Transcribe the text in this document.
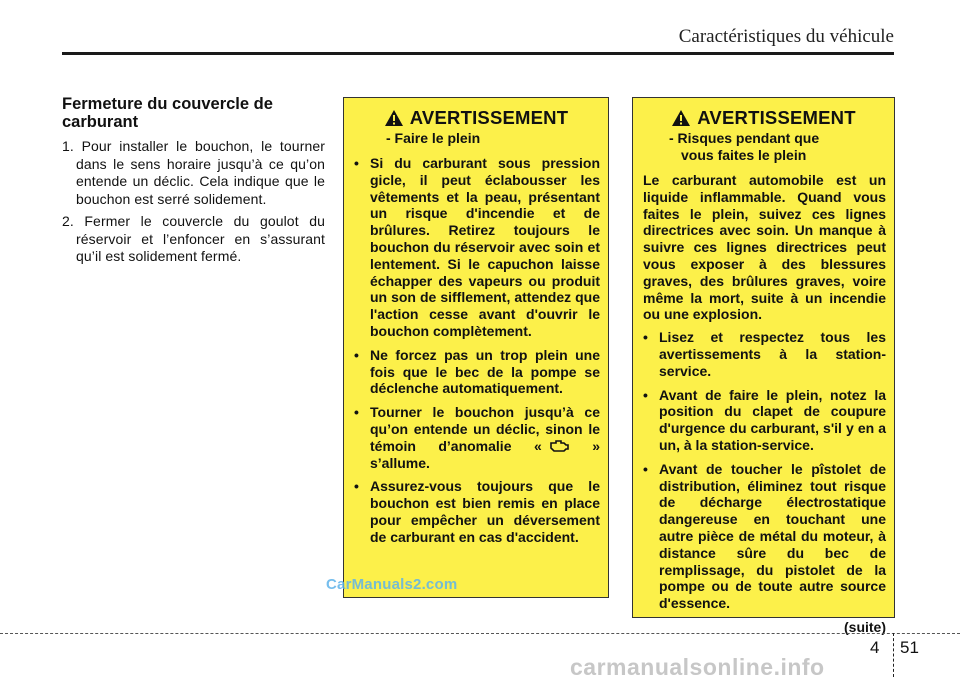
Caractéristiques du véhicule
Fermeture du couvercle de carburant
1. Pour installer le bouchon, le tourner dans le sens horaire jusqu’à ce qu’on entende un déclic. Cela indique que le bouchon est serré solidement.
2. Fermer le couvercle du goulot du réservoir et l’enfoncer en s’assurant qu’il est solidement fermé.
AVERTISSEMENT
- Faire le plein

• Si du carburant sous pression gicle, il peut éclabousser les vêtements et la peau, présentant un risque d'incendie et de brûlures. Retirez toujours le bouchon du réservoir avec soin et lentement. Si le capuchon laisse échapper des vapeurs ou produit un son de sifflement, attendez que l'action cesse avant d'ouvrir le bouchon complètement.

• Ne forcez pas un trop plein une fois que le bec de la pompe se déclenche automatiquement.

• Tourner le bouchon jusqu’à ce qu’on entende un déclic, sinon le témoin d’anomalie «	» s’allume.

• Assurez-vous toujours que le bouchon est bien remis en place pour empêcher un déversement de carburant en cas d'accident.

AVERTISSEMENT
- Risques pendant que
vous faites le plein

Le carburant automobile est un liquide inflammable. Quand vous faites le plein, suivez ces lignes directrices avec soin. Un manque à suivre ces lignes directrices peut vous exposer à des blessures graves, des brûlures graves, voire même la mort, suite à un incendie ou une explosion.

• Lisez et respectez tous les avertissements à la station-service.

• Avant de faire le plein, notez la position du clapet de coupure d'urgence du carburant, s'il y en a un, à la station-service.

• Avant de toucher le pîstolet de distribution, éliminez tout risque de décharge électrostatique dangereuse en touchant une autre pièce de métal du moteur, à distance sûre du bec de remplissage, du pistolet de la pompe ou de toute autre source d'essence.

(suite)
CarManuals2.com
4 51
carmanualsonline.info
